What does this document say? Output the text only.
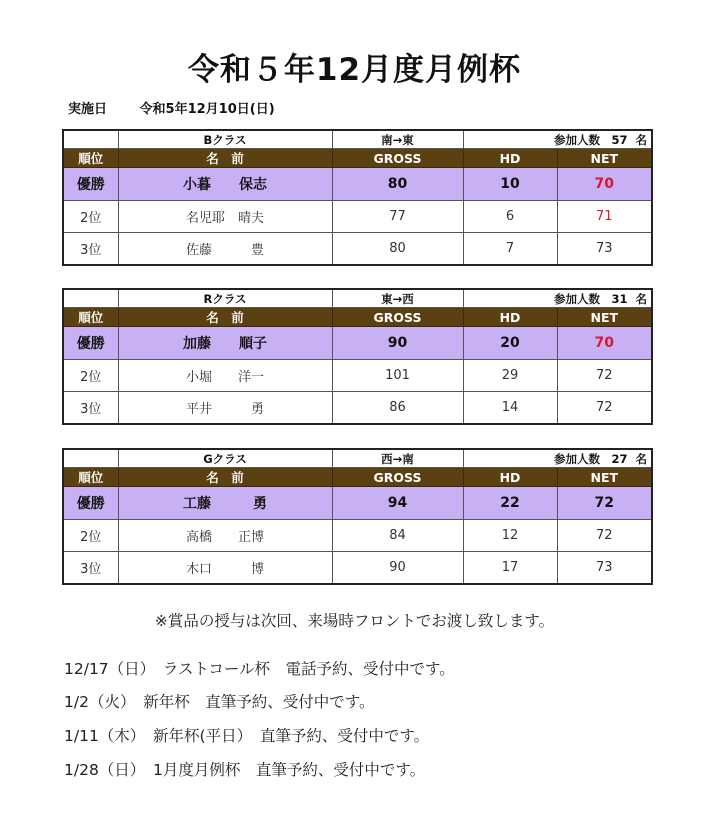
令和５年12月度月例杯
実施日	令和5年12月10日(日)
	Bクラス	南→東	参加人数　57 名	
順位	名　前	GROSS	HD	NET
優勝	小暮　　保志	80	10	70
2位	名児耶　晴夫	77	6	71
3位	佐藤　　　豊	80	7	73
	Rクラス	東→西	参加人数　31 名	
順位	名　前	GROSS	HD	NET
優勝	加藤　　順子	90	20	70
2位	小堀　　洋一	101	29	72
3位	平井　　　勇	86	14	72
	Gクラス	西→南	参加人数　27 名	
順位	名　前	GROSS	HD	NET
優勝	工藤　　　勇	94	22	72
2位	高橋　　正博	84	12	72
3位	木口　　　博	90	17	73
※賞品の授与は次回、来場時フロントでお渡し致します。
12/17（日）　ラストコール杯　電話予約、受付中です。
1/2（火）　新年杯　直筆予約、受付中です。
1/11（木）　新年杯(平日）　直筆予約、受付中です。
1/28（日）　1月度月例杯　直筆予約、受付中です。
